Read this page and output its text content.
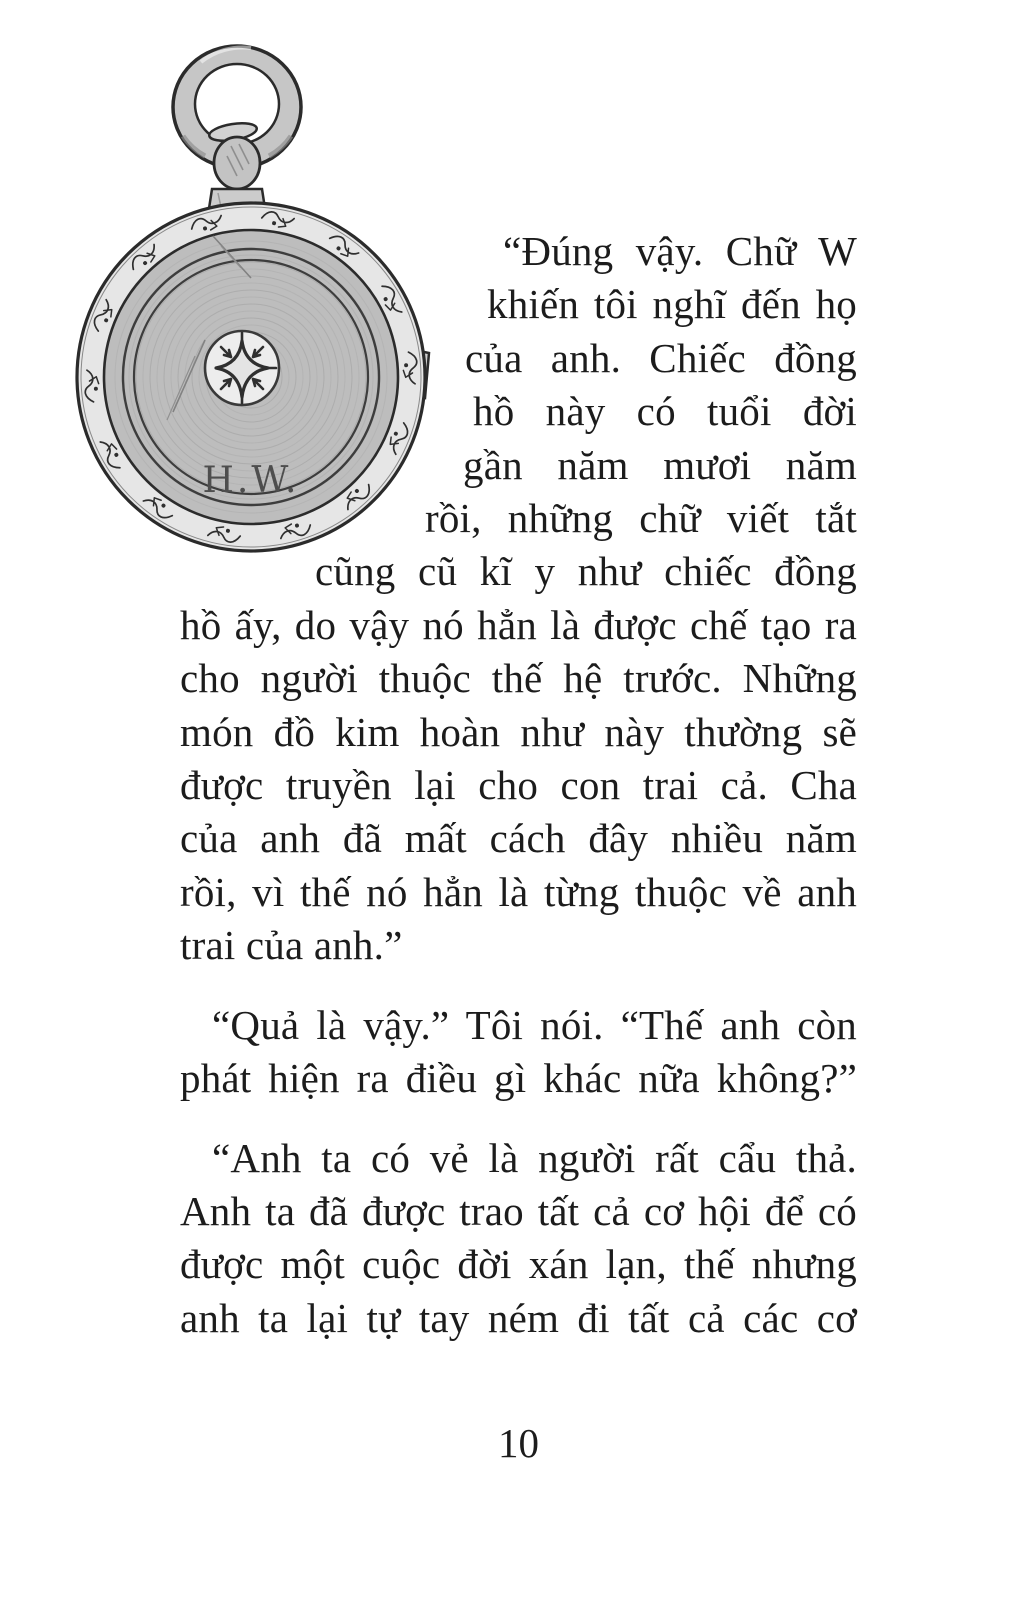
H.W.
“Đúng vậy. Chữ W
khiến tôi nghĩ đến họ
của anh. Chiếc đồng
hồ này có tuổi đời
gần năm mươi năm
rồi, những chữ viết tắt
cũng cũ kĩ y như chiếc đồng
hồ ấy, do vậy nó hẳn là được chế tạo ra
cho người thuộc thế hệ trước. Những
món đồ kim hoàn như này thường sẽ
được truyền lại cho con trai cả. Cha
của anh đã mất cách đây nhiều năm
rồi, vì thế nó hẳn là từng thuộc về anh
trai của anh.”
“Quả là vậy.” Tôi nói. “Thế anh còn
phát hiện ra điều gì khác nữa không?”
“Anh ta có vẻ là người rất cẩu thả.
Anh ta đã được trao tất cả cơ hội để có
được một cuộc đời xán lạn, thế nhưng
anh ta lại tự tay ném đi tất cả các cơ
10
